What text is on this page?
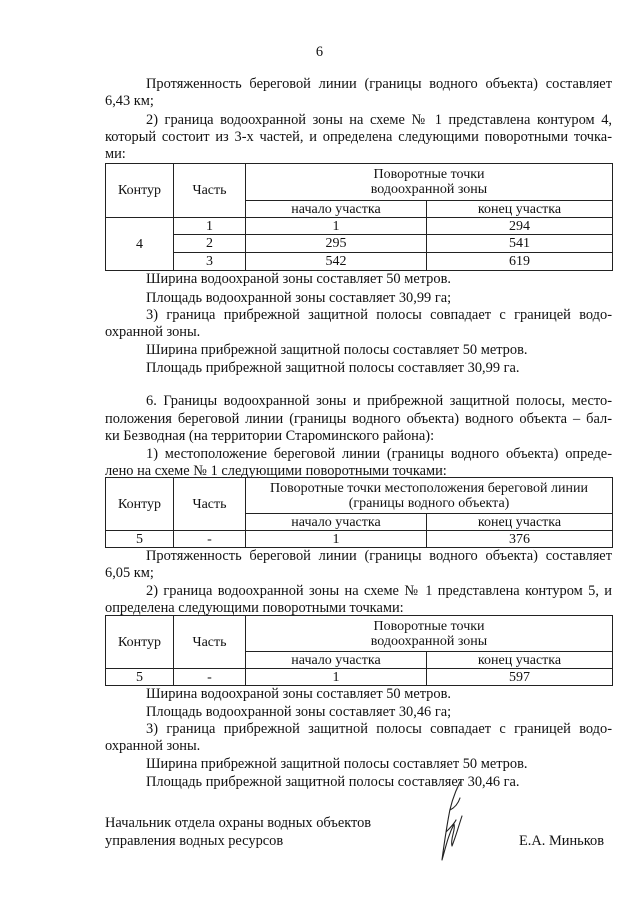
6
Протяженность береговой линии (границы водного объекта) составляет
6,43 км;
2) граница водоохранной зоны на схеме № 1 представлена контуром 4,
который состоит из 3-х частей, и определена следующими поворотными точка-
ми:
Контур	Часть	Поворотные точки
водоохранной зоны	
		начало участка	конец участка
4	1	1	294
	2	295	541
	3	542	619
Ширина водоохраной зоны составляет 50 метров.
Площадь водоохранной зоны составляет 30,99 га;
3) граница прибрежной защитной полосы совпадает с границей водо-
охранной зоны.
Ширина прибрежной защитной полосы составляет 50 метров.
Площадь прибрежной защитной полосы составляет 30,99 га.
6. Границы водоохранной зоны и прибрежной защитной полосы, место-
положения береговой линии (границы водного объекта) водного объекта – бал-
ки Безводная (на территории Староминского района):
1) местоположение береговой линии (границы водного объекта) опреде-
лено на схеме № 1 следующими поворотными точками:
Контур	Часть	Поворотные точки местоположения береговой линии
(границы водного объекта)	
		начало участка	конец участка
5	-	1	376
Протяженность береговой линии (границы водного объекта) составляет
6,05 км;
2) граница водоохранной зоны на схеме № 1 представлена контуром 5, и
определена следующими поворотными точками:
Контур	Часть	Поворотные точки
водоохранной зоны	
		начало участка	конец участка
5	-	1	597
Ширина водоохраной зоны составляет 50 метров.
Площадь водоохранной зоны составляет 30,46 га;
3) граница прибрежной защитной полосы совпадает с границей водо-
охранной зоны.
Ширина прибрежной защитной полосы составляет 50 метров.
Площадь прибрежной защитной полосы составляет 30,46 га.
Начальник отдела охраны водных объектов
управления водных ресурсов	Е.А. Миньков
